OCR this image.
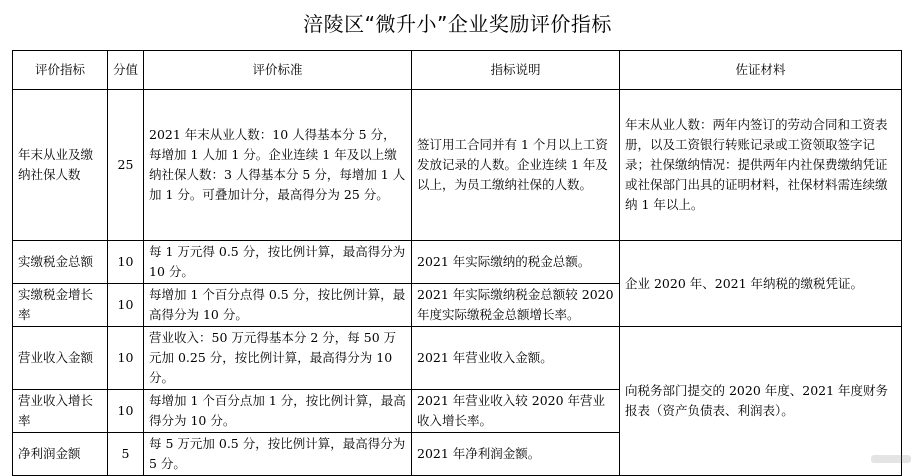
涪陵区“微升小”企业奖励评价指标
评价指标	分值	评价标准	指标说明	佐证材料
年末从业及缴纳社保人数	25	2021 年末从业人数：10 人得基本分 5 分，每增加 1 人加 1 分。企业连续 1 年及以上缴纳社保人数：3 人得基本分 5 分，每增加 1 人加 1 分。可叠加计分，最高得分为 25 分。	签订用工合同并有 1 个月以上工资发放记录的人数。企业连续 1 年及以上，为员工缴纳社保的人数。	年末从业人数：两年内签订的劳动合同和工资表册，以及工资银行转账记录或工资领取签字记录；社保缴纳情况：提供两年内社保费缴纳凭证或社保部门出具的证明材料，社保材料需连续缴纳 1 年以上。
实缴税金总额	10	每 1 万元得 0.5 分，按比例计算，最高得分为 10 分。	2021 年实际缴纳的税金总额。	企业 2020 年、2021 年纳税的缴税凭证。
实缴税金增长率	10	每增加 1 个百分点得 0.5 分，按比例计算，最高得分为 10 分。	2021 年实际缴纳税金总额较 2020 年度实际缴税金总额增长率。	
营业收入金额	10	营业收入：50 万元得基本分 2 分，每 50 万元加 0.25 分，按比例计算，最高得分为 10 分。	2021 年营业收入金额。	向税务部门提交的 2020 年度、2021 年度财务报表（资产负债表、利润表）。
营业收入增长率	10	每增加 1 个百分点加 1 分，按比例计算，最高得分为 10 分。	2021 年营业收入较 2020 年营业收入增长率。	
净利润金额	5	每 5 万元加 0.5 分，按比例计算，最高得分为 5 分。	2021 年净利润金额。	
